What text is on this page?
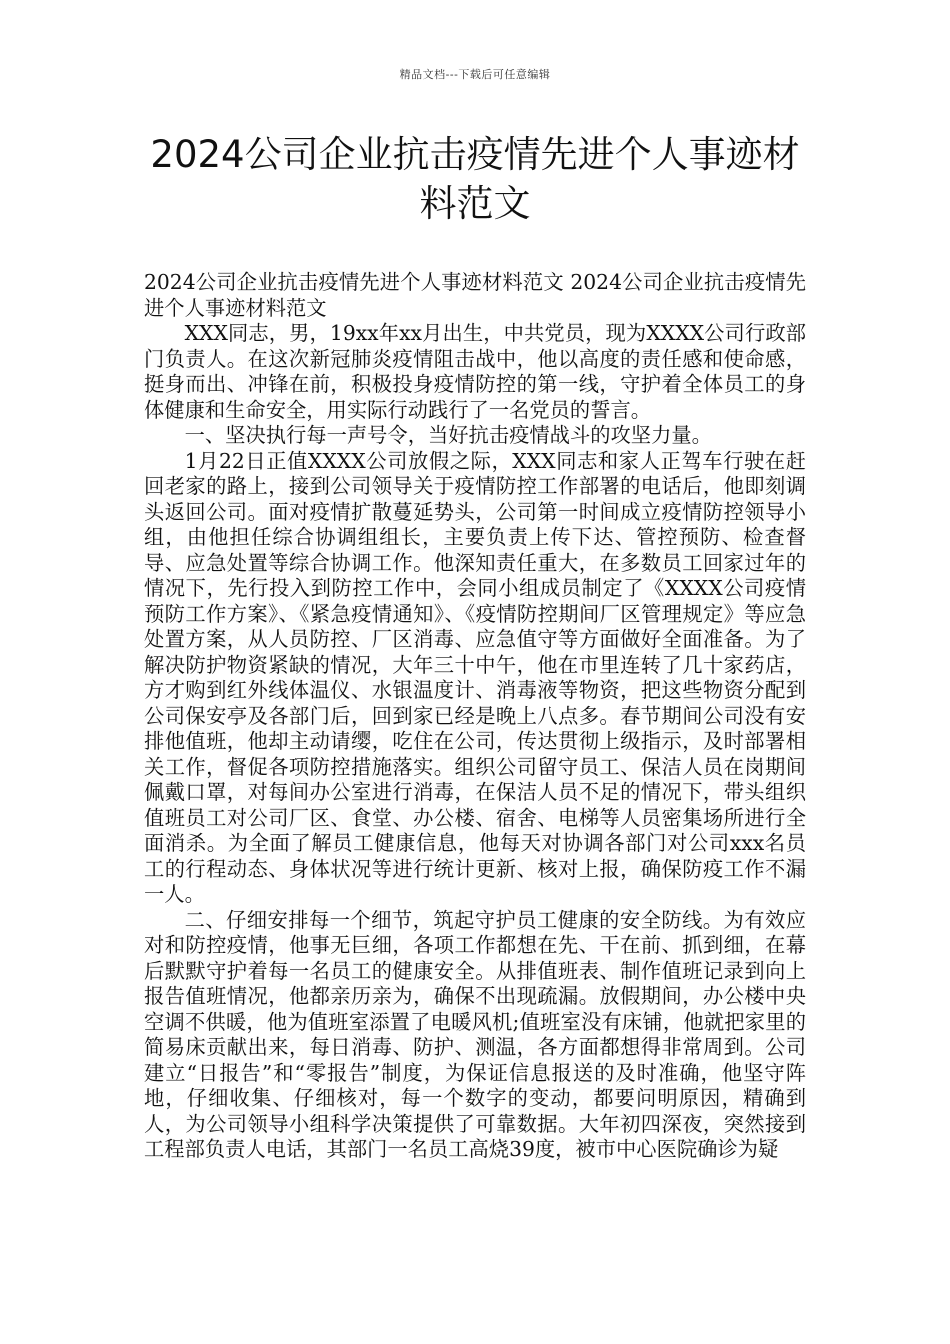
精品文档---下载后可任意编辑
2024公司企业抗击疫情先进个人事迹材料范文

2024公司企业抗击疫情先进个人事迹材料范文 2024公司企业抗击疫情先进个人事迹材料范文

XXX同志，男，19xx年xx月出生，中共党员，现为XXXX公司行政部门负责人。在这次新冠肺炎疫情阻击战中，他以高度的责任感和使命感，挺身而出、冲锋在前，积极投身疫情防控的第一线，守护着全体员工的身体健康和生命安全，用实际行动践行了一名党员的誓言。

一、坚决执行每一声号令，当好抗击疫情战斗的攻坚力量。

1月22日正值XXXX公司放假之际，XXX同志和家人正驾车行驶在赶回老家的路上，接到公司领导关于疫情防控工作部署的电话后，他即刻调头返回公司。面对疫情扩散蔓延势头，公司第一时间成立疫情防控领导小组，由他担任综合协调组组长，主要负责上传下达、管控预防、检查督导、应急处置等综合协调工作。他深知责任重大，在多数员工回家过年的情况下，先行投入到防控工作中，会同小组成员制定了《XXXX公司疫情预防工作方案》、《紧急疫情通知》、《疫情防控期间厂区管理规定》等应急处置方案，从人员防控、厂区消毒、应急值守等方面做好全面准备。为了解决防护物资紧缺的情况，大年三十中午，他在市里连转了几十家药店，方才购到红外线体温仪、水银温度计、消毒液等物资，把这些物资分配到公司保安亭及各部门后，回到家已经是晚上八点多。春节期间公司没有安排他值班，他却主动请缨，吃住在公司，传达贯彻上级指示，及时部署相关工作，督促各项防控措施落实。组织公司留守员工、保洁人员在岗期间佩戴口罩，对每间办公室进行消毒，在保洁人员不足的情况下，带头组织值班员工对公司厂区、食堂、办公楼、宿舍、电梯等人员密集场所进行全面消杀。为全面了解员工健康信息，他每天对协调各部门对公司xxx名员工的行程动态、身体状况等进行统计更新、核对上报，确保防疫工作不漏一人。

二、仔细安排每一个细节，筑起守护员工健康的安全防线。为有效应对和防控疫情，他事无巨细，各项工作都想在先、干在前、抓到细，在幕后默默守护着每一名员工的健康安全。从排值班表、制作值班记录到向上报告值班情况，他都亲历亲为，确保不出现疏漏。放假期间，办公楼中央空调不供暖，他为值班室添置了电暖风机;值班室没有床铺，他就把家里的简易床贡献出来，每日消毒、防护、测温，各方面都想得非常周到。公司建立“日报告”和“零报告”制度，为保证信息报送的及时准确，他坚守阵地，仔细收集、仔细核对，每一个数字的变动，都要问明原因，精确到人，为公司领导小组科学决策提供了可靠数据。大年初四深夜，突然接到工程部负责人电话，其部门一名员工高烧39度，被市中心医院确诊为疑
